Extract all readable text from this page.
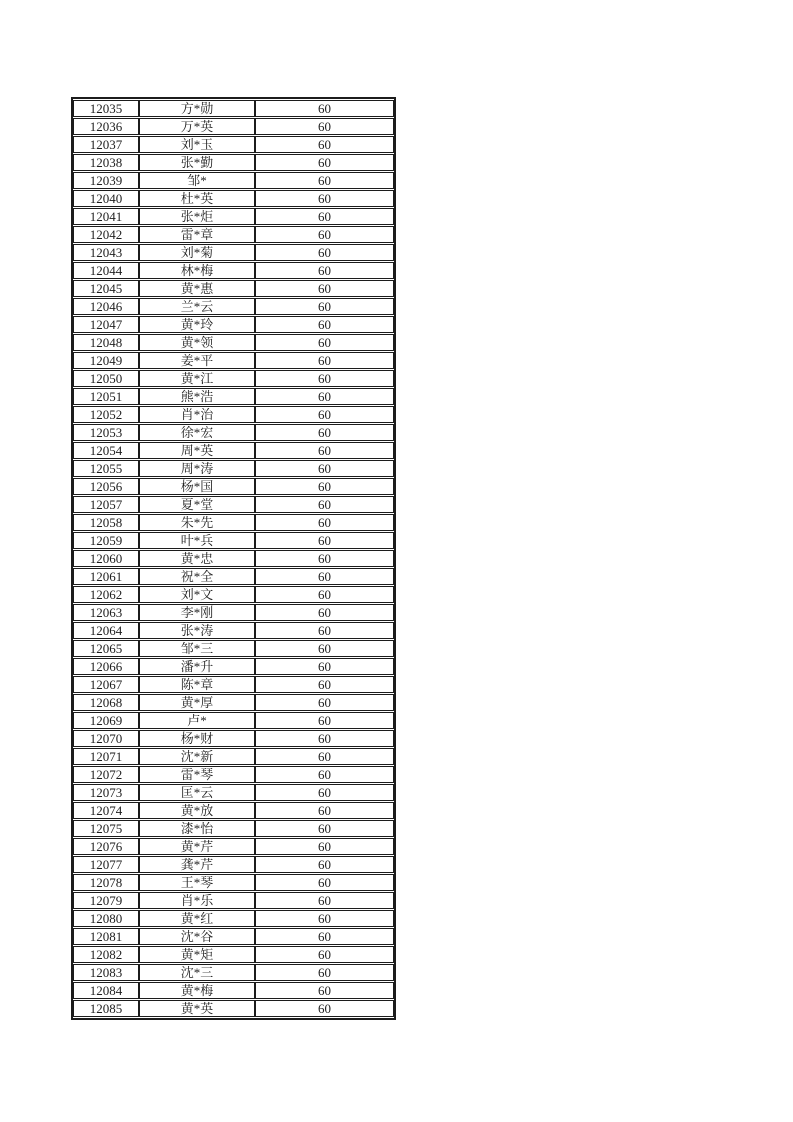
12035	方*勋	60
12036	万*英	60
12037	刘*玉	60
12038	张*勤	60
12039	邹*	60
12040	杜*英	60
12041	张*炬	60
12042	雷*章	60
12043	刘*菊	60
12044	林*梅	60
12045	黄*惠	60
12046	兰*云	60
12047	黄*玲	60
12048	黄*领	60
12049	姜*平	60
12050	黄*江	60
12051	熊*浩	60
12052	肖*治	60
12053	徐*宏	60
12054	周*英	60
12055	周*涛	60
12056	杨*国	60
12057	夏*堂	60
12058	朱*先	60
12059	叶*兵	60
12060	黄*忠	60
12061	祝*全	60
12062	刘*文	60
12063	李*刚	60
12064	张*涛	60
12065	邹*三	60
12066	潘*升	60
12067	陈*章	60
12068	黄*厚	60
12069	卢*	60
12070	杨*财	60
12071	沈*新	60
12072	雷*琴	60
12073	匡*云	60
12074	黄*放	60
12075	漆*怡	60
12076	黄*芹	60
12077	龚*芹	60
12078	王*琴	60
12079	肖*乐	60
12080	黄*红	60
12081	沈*谷	60
12082	黄*矩	60
12083	沈*三	60
12084	黄*梅	60
12085	黄*英	60
